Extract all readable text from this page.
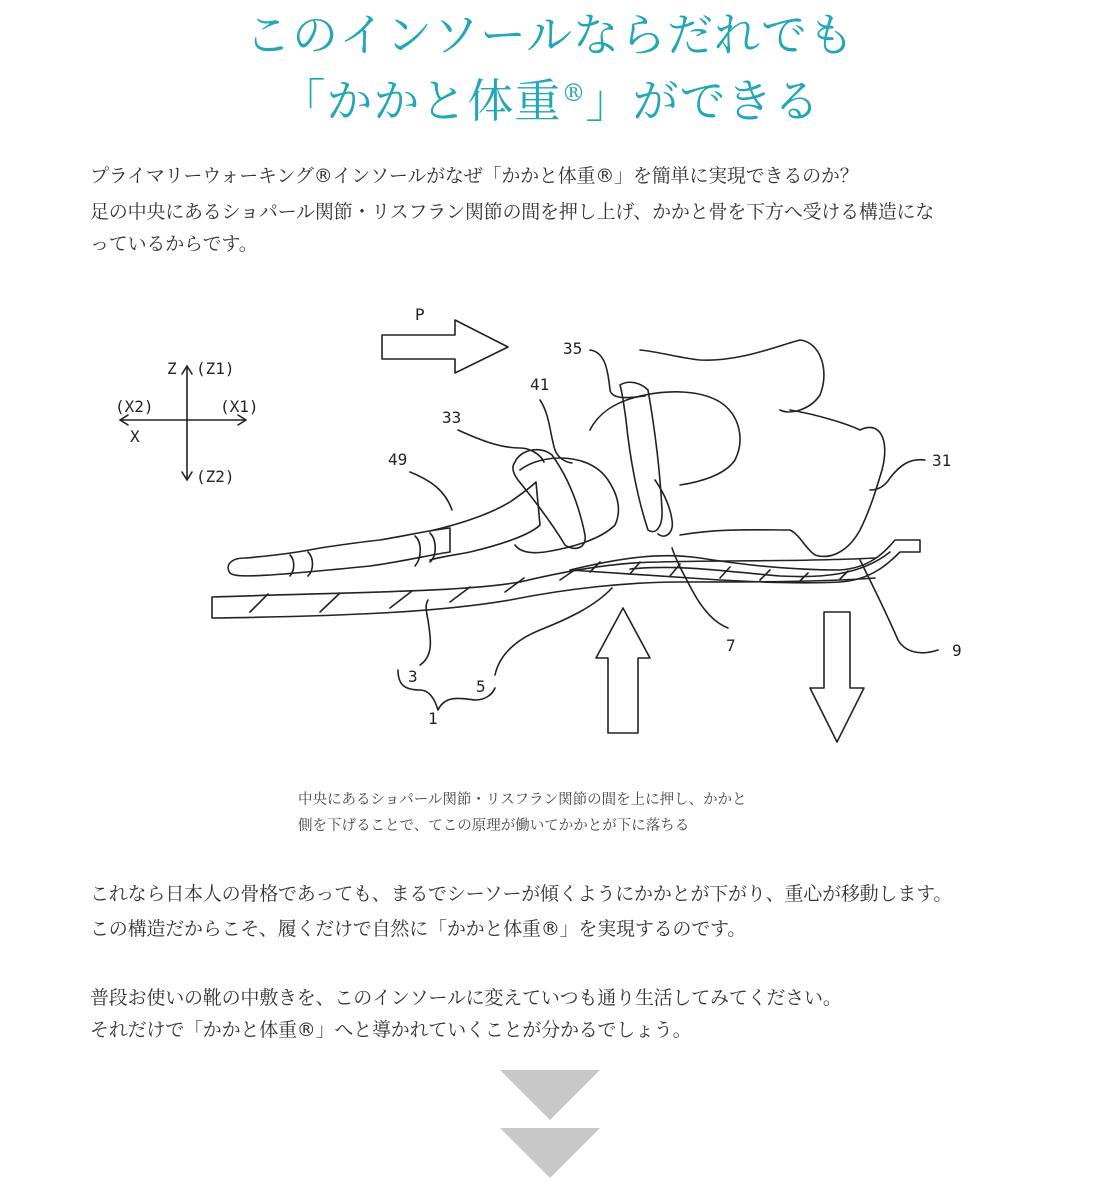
このインソールならだれでも
「かかと体重®」ができる

プライマリーウォーキング®インソールがなぜ「かかと体重®」を簡単に実現できるのか？

足の中央にあるショパール関節・リスフラン関節の間を押し上げ、かかと骨を下方へ受ける構造にな

っているからです。

P
Z (Z1)
(X2)	(X1)
X
(Z2)
35
41
33
49	31
7	9
3
5
1

中央にあるショパール関節・リスフラン関節の間を上に押し、かかと
側を下げることで、てこの原理が働いてかかとが下に落ちる

これなら日本人の骨格であっても、まるでシーソーが傾くようにかかとが下がり、重心が移動します。

この構造だからこそ、履くだけで自然に「かかと体重®」を実現するのです。

普段お使いの靴の中敷きを、このインソールに変えていつも通り生活してみてください。

それだけで「かかと体重®」へと導かれていくことが分かるでしょう。
